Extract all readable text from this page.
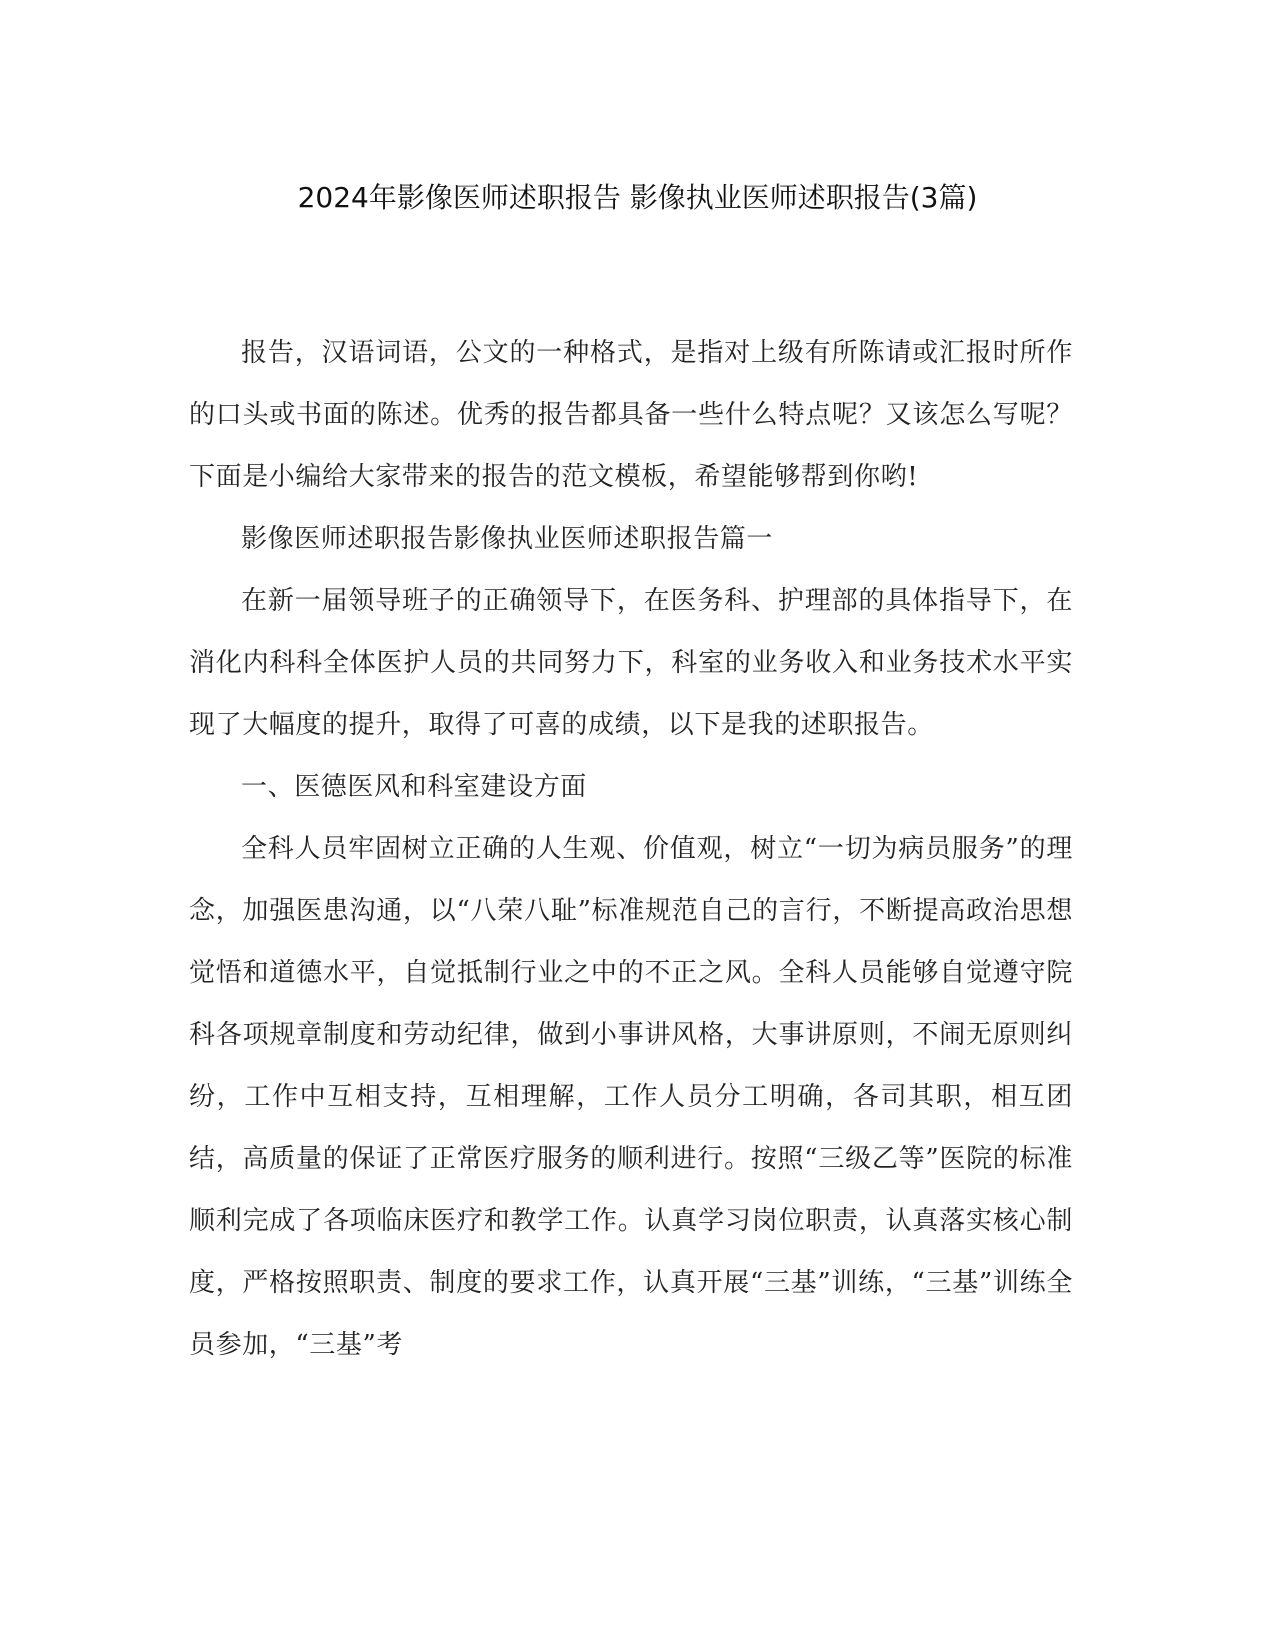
2024年影像医师述职报告 影像执业医师述职报告(3篇)

报告，汉语词语，公文的一种格式，是指对上级有所陈请或汇报时所作的口头或书面的陈述。优秀的报告都具备一些什么特点呢？又该怎么写呢？下面是小编给大家带来的报告的范文模板，希望能够帮到你哟!

影像医师述职报告影像执业医师述职报告篇一

在新一届领导班子的正确领导下，在医务科、护理部的具体指导下，在消化内科科全体医护人员的共同努力下，科室的业务收入和业务技术水平实现了大幅度的提升，取得了可喜的成绩，以下是我的述职报告。

一、医德医风和科室建设方面

全科人员牢固树立正确的人生观、价值观，树立“一切为病员服务”的理念，加强医患沟通，以“八荣八耻”标准规范自己的言行，不断提高政治思想觉悟和道德水平，自觉抵制行业之中的不正之风。全科人员能够自觉遵守院科各项规章制度和劳动纪律，做到小事讲风格，大事讲原则，不闹无原则纠纷，工作中互相支持，互相理解，工作人员分工明确，各司其职，相互团结，高质量的保证了正常医疗服务的顺利进行。按照“三级乙等”医院的标准顺利完成了各项临床医疗和教学工作。认真学习岗位职责，认真落实核心制度，严格按照职责、制度的要求工作，认真开展“三基”训练，“三基”训练全员参加，“三基”考
